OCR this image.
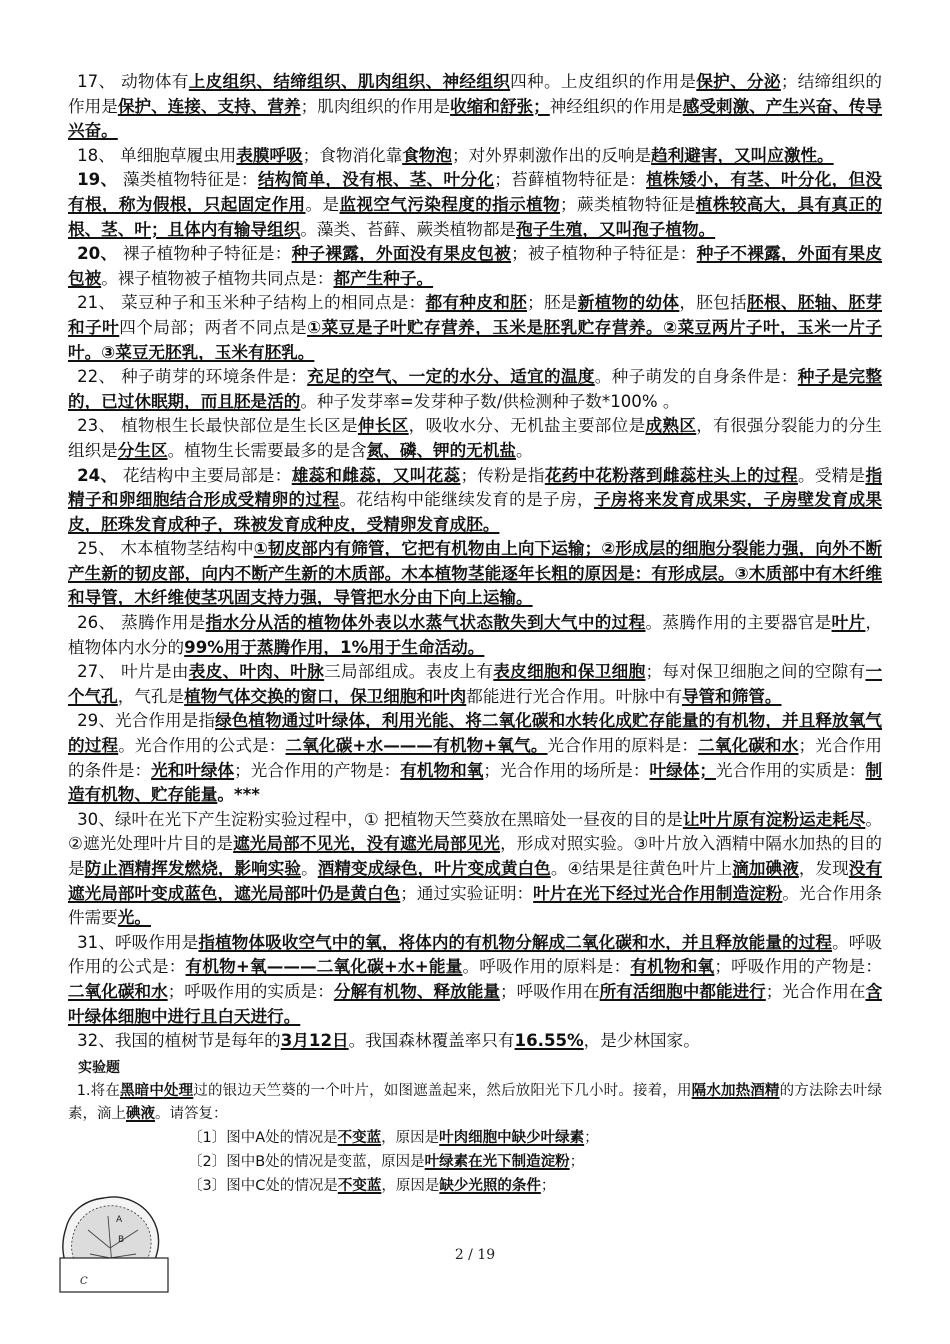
17、 动物体有上皮组织、结缔组织、肌肉组织、神经组织四种。上皮组织的作用是保护、分泌；结缔组织的作用是保护、连接、支持、营养；肌肉组织的作用是收缩和舒张；神经组织的作用是感受刺激、产生兴奋、传导兴奋。

18、 单细胞草履虫用表膜呼吸；食物消化靠食物泡；对外界刺激作出的反响是趋利避害，又叫应激性。

19、 藻类植物特征是：结构简单，没有根、茎、叶分化；苔藓植物特征是：植株矮小，有茎、叶分化，但没有根，称为假根，只起固定作用。是监视空气污染程度的指示植物；蕨类植物特征是植株较高大，具有真正的根、茎、叶；且体内有输导组织。藻类、苔藓、蕨类植物都是孢子生殖，又叫孢子植物。

20、 裸子植物种子特征是：种子裸露，外面没有果皮包被；被子植物种子特征是：种子不裸露，外面有果皮包被。裸子植物被子植物共同点是：都产生种子。

21、 菜豆种子和玉米种子结构上的相同点是：都有种皮和胚；胚是新植物的幼体，胚包括胚根、胚轴、胚芽和子叶四个局部；两者不同点是①菜豆是子叶贮存营养，玉米是胚乳贮存营养。②菜豆两片子叶，玉米一片子叶。③菜豆无胚乳，玉米有胚乳。

22、 种子萌芽的环境条件是：充足的空气、一定的水分、适宜的温度。种子萌发的自身条件是：种子是完整的，已过休眠期，而且胚是活的。种子发芽率=发芽种子数/供检测种子数*100% 。

23、 植物根生长最快部位是生长区是伸长区，吸收水分、无机盐主要部位是成熟区，有很强分裂能力的分生组织是分生区。植物生长需要最多的是含氮、磷、钾的无机盐。

24、 花结构中主要局部是：雄蕊和雌蕊，又叫花蕊；传粉是指花药中花粉落到雌蕊柱头上的过程。受精是指精子和卵细胞结合形成受精卵的过程。花结构中能继续发育的是子房，子房将来发育成果实，子房壁发育成果皮，胚珠发育成种子，珠被发育成种皮，受精卵发育成胚。

25、 木本植物茎结构中①韧皮部内有筛管，它把有机物由上向下运输；②形成层的细胞分裂能力强，向外不断产生新的韧皮部，向内不断产生新的木质部。木本植物茎能逐年长粗的原因是：有形成层。③木质部中有木纤维和导管，木纤维使茎巩固支持力强，导管把水分由下向上运输。

26、 蒸腾作用是指水分从活的植物体外表以水蒸气状态散失到大气中的过程。蒸腾作用的主要器官是叶片，植物体内水分的99%用于蒸腾作用，1%用于生命活动。

27、 叶片是由表皮、叶肉、叶脉三局部组成。表皮上有表皮细胞和保卫细胞；每对保卫细胞之间的空隙有一个气孔，气孔是植物气体交换的窗口，保卫细胞和叶肉都能进行光合作用。叶脉中有导管和筛管。

29、光合作用是指绿色植物通过叶绿体，利用光能、将二氧化碳和水转化成贮存能量的有机物，并且释放氧气的过程。光合作用的公式是：二氧化碳+水———有机物+氧气。光合作用的原料是：二氧化碳和水；光合作用的条件是：光和叶绿体；光合作用的产物是：有机物和氧；光合作用的场所是：叶绿体；光合作用的实质是：制造有机物、贮存能量。***

30、绿叶在光下产生淀粉实验过程中，① 把植物天竺葵放在黑暗处一昼夜的目的是让叶片原有淀粉运走耗尽。②遮光处理叶片目的是遮光局部不见光，没有遮光局部见光，形成对照实验。③叶片放入酒精中隔水加热的目的是防止酒精挥发燃烧，影响实验。酒精变成绿色，叶片变成黄白色。④结果是往黄色叶片上滴加碘液，发现没有遮光局部叶变成蓝色，遮光局部叶仍是黄白色；通过实验证明：叶片在光下经过光合作用制造淀粉。光合作用条件需要光。

31、呼吸作用是指植物体吸收空气中的氧，将体内的有机物分解成二氧化碳和水，并且释放能量的过程。呼吸作用的公式是：有机物+氧———二氧化碳+水+能量。呼吸作用的原料是：有机物和氧；呼吸作用的产物是：二氧化碳和水；呼吸作用的实质是：分解有机物、释放能量；呼吸作用在所有活细胞中都能进行；光合作用在含叶绿体细胞中进行且白天进行。

32、我国的植树节是每年的3月12日。我国森林覆盖率只有16.55%，是少林国家。

实验题

1.将在黑暗中处理过的银边天竺葵的一个叶片，如图遮盖起来，然后放阳光下几小时。接着，用隔水加热酒精的方法除去叶绿素，滴上碘液。请答复：

〔1〕图中A处的情况是不变蓝，原因是叶肉细胞中缺少叶绿素；

〔2〕图中B处的情况是变蓝，原因是叶绿素在光下制造淀粉；

〔3〕图中C处的情况是不变蓝，原因是缺少光照的条件；

A
B
C
2 / 19
